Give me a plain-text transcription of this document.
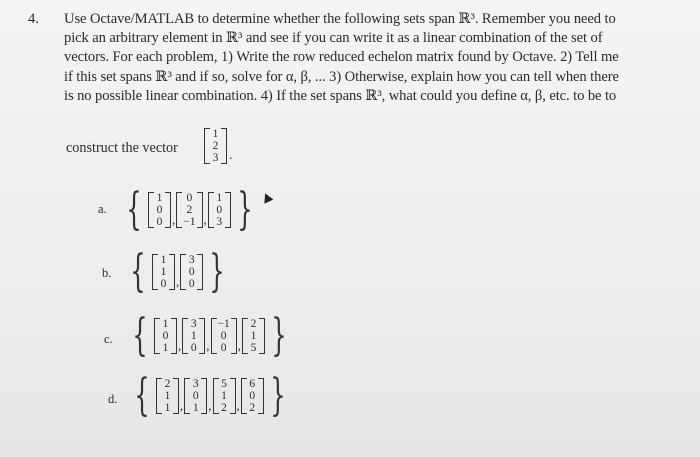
4. Use Octave/MATLAB to determine whether the following sets span ℝ³. Remember you need to
pick an arbitrary element in ℝ³ and see if you can write it as a linear combination of the set of
vectors. For each problem, 1) Write the row reduced echelon matrix found by Octave. 2) Tell me
if this set spans ℝ³ and if so, solve for α, β, ... 3) Otherwise, explain how you can tell when there
is no possible linear combination. 4) If the set spans ℝ³, what could you define α, β, etc. to be to
construct the vector
1
2
3 .
a. { 1
0
0 ,
0
2
−1 ,
1
0
3 }
b. { 1
1
0 ,
3
0
0 }
c. { 1
0
1 ,
3
1
0 ,
−1
0
0 ,
2
1
5 }
d. { 2
1
1 ,
3
0
1 ,
5
1
2 ,
6
0
2 }
